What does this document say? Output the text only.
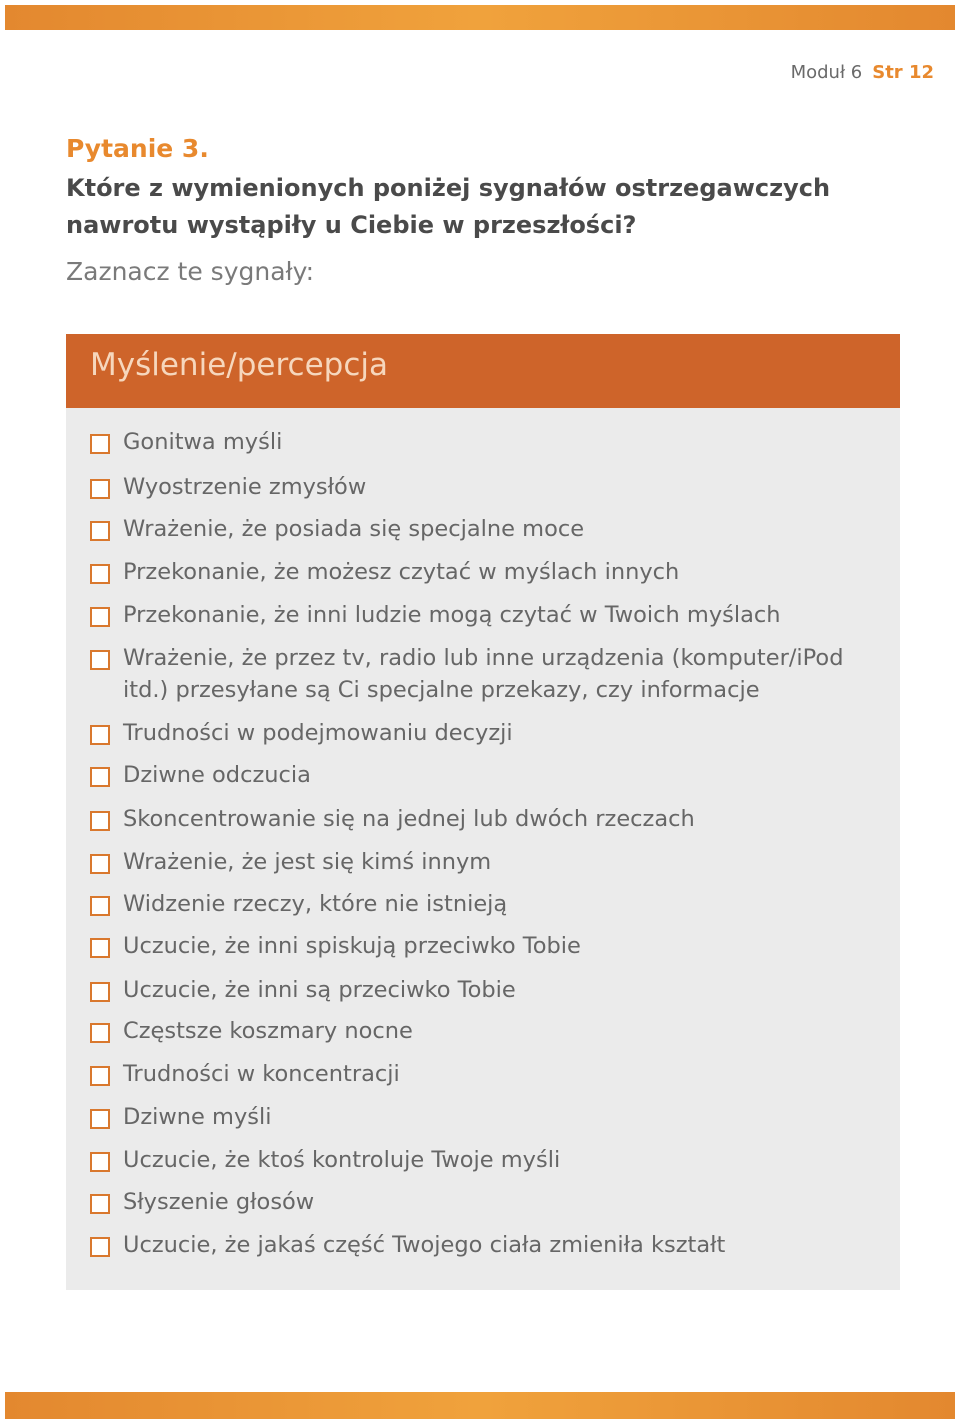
Moduł 6 Str 12
Pytanie 3.
Które z wymienionych poniżej sygnałów ostrzegawczych nawrotu wystąpiły u Ciebie w przeszłości?
Zaznacz te sygnały:
Myślenie/percepcja
Gonitwa myśli
Wyostrzenie zmysłów
Wrażenie, że posiada się specjalne moce
Przekonanie, że możesz czytać w myślach innych
Przekonanie, że inni ludzie mogą czytać w Twoich myślach
Wrażenie, że przez tv, radio lub inne urządzenia (komputer/iPod
itd.) przesyłane są Ci specjalne przekazy, czy informacje
Trudności w podejmowaniu decyzji
Dziwne odczucia
Skoncentrowanie się na jednej lub dwóch rzeczach
Wrażenie, że jest się kimś innym
Widzenie rzeczy, które nie istnieją
Uczucie, że inni spiskują przeciwko Tobie
Uczucie, że inni są przeciwko Tobie
Częstsze koszmary nocne
Trudności w koncentracji
Dziwne myśli
Uczucie, że ktoś kontroluje Twoje myśli
Słyszenie głosów
Uczucie, że jakaś część Twojego ciała zmieniła kształt
